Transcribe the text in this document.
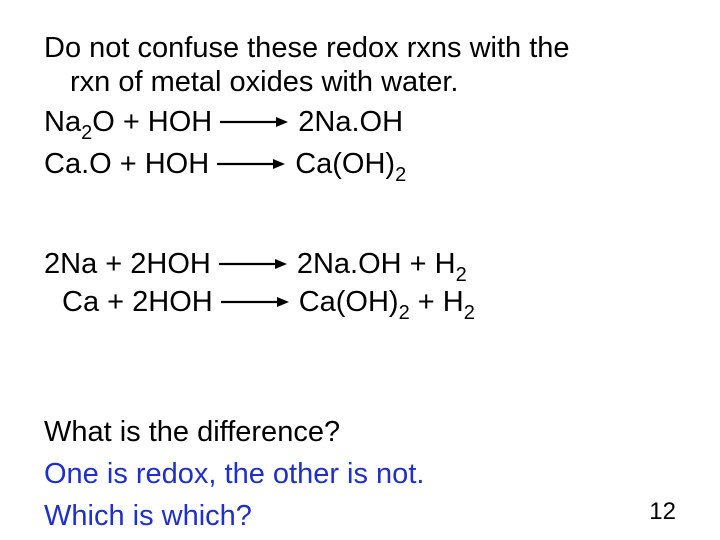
Do not confuse these redox rxns with the
rxn of metal oxides with water.
$Na_2O$ + HOH → 2Na.OH
Ca.O + HOH → $Ca(OH)_2$
$2Na + 2HOH \to 2Na.OH + H_2$
$Ca + 2HOH \to Ca(OH)_2 + H_2$
What is the difference?
One is redox, the other is not.
Which is which?	12
